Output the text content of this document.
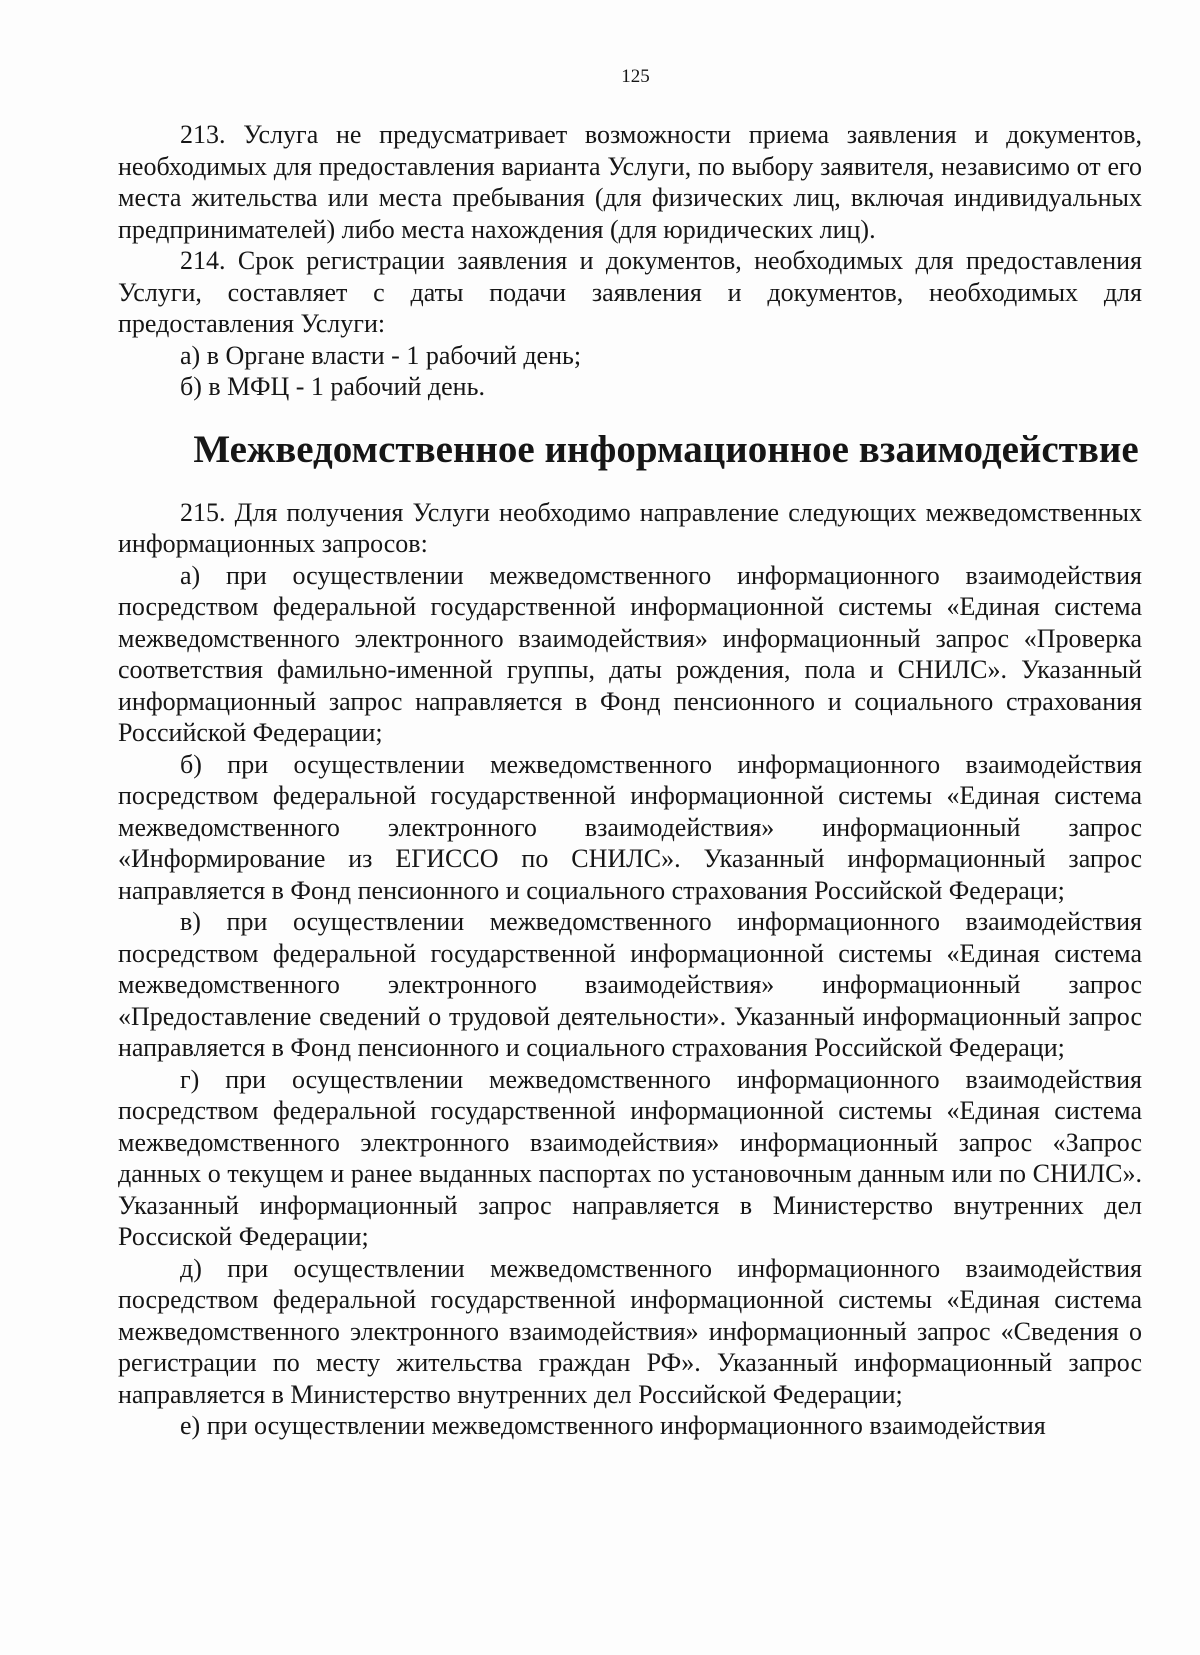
125

213. Услуга не предусматривает возможности приема заявления и документов, необходимых для предоставления варианта Услуги, по выбору заявителя, независимо от его места жительства или места пребывания (для физических лиц, включая индивидуальных предпринимателей) либо места нахождения (для юридических лиц).

214. Срок регистрации заявления и документов, необходимых для предоставления Услуги, составляет с даты подачи заявления и документов, необходимых для предоставления Услуги:

а) в Органе власти - 1 рабочий день;

б) в МФЦ - 1 рабочий день.

Межведомственное информационное взаимодействие

215. Для получения Услуги необходимо направление следующих межведомственных информационных запросов:

а) при осуществлении межведомственного информационного взаимодействия посредством федеральной государственной информационной системы «Единая система межведомственного электронного взаимодействия» информационный запрос «Проверка соответствия фамильно-именной группы, даты рождения, пола и СНИЛС». Указанный информационный запрос направляется в Фонд пенсионного и социального страхования Российской Федерации;

б) при осуществлении межведомственного информационного взаимодействия посредством федеральной государственной информационной системы «Единая система межведомственного электронного взаимодействия» информационный запрос «Информирование из ЕГИССО по СНИЛС». Указанный информационный запрос направляется в Фонд пенсионного и социального страхования Российской Федераци;

в) при осуществлении межведомственного информационного взаимодействия посредством федеральной государственной информационной системы «Единая система межведомственного электронного взаимодействия» информационный запрос «Предоставление сведений о трудовой деятельности». Указанный информационный запрос направляется в Фонд пенсионного и социального страхования Российской Федераци;

г) при осуществлении межведомственного информационного взаимодействия посредством федеральной государственной информационной системы «Единая система межведомственного электронного взаимодействия» информационный запрос «Запрос данных о текущем и ранее выданных паспортах по установочным данным или по СНИЛС». Указанный информационный запрос направляется в Министерство внутренних дел Россиской Федерации;

д) при осуществлении межведомственного информационного взаимодействия посредством федеральной государственной информационной системы «Единая система межведомственного электронного взаимодействия» информационный запрос «Сведения о регистрации по месту жительства граждан РФ». Указанный информационный запрос направляется в Министерство внутренних дел Российской Федерации;

е) при осуществлении межведомственного информационного взаимодействия
